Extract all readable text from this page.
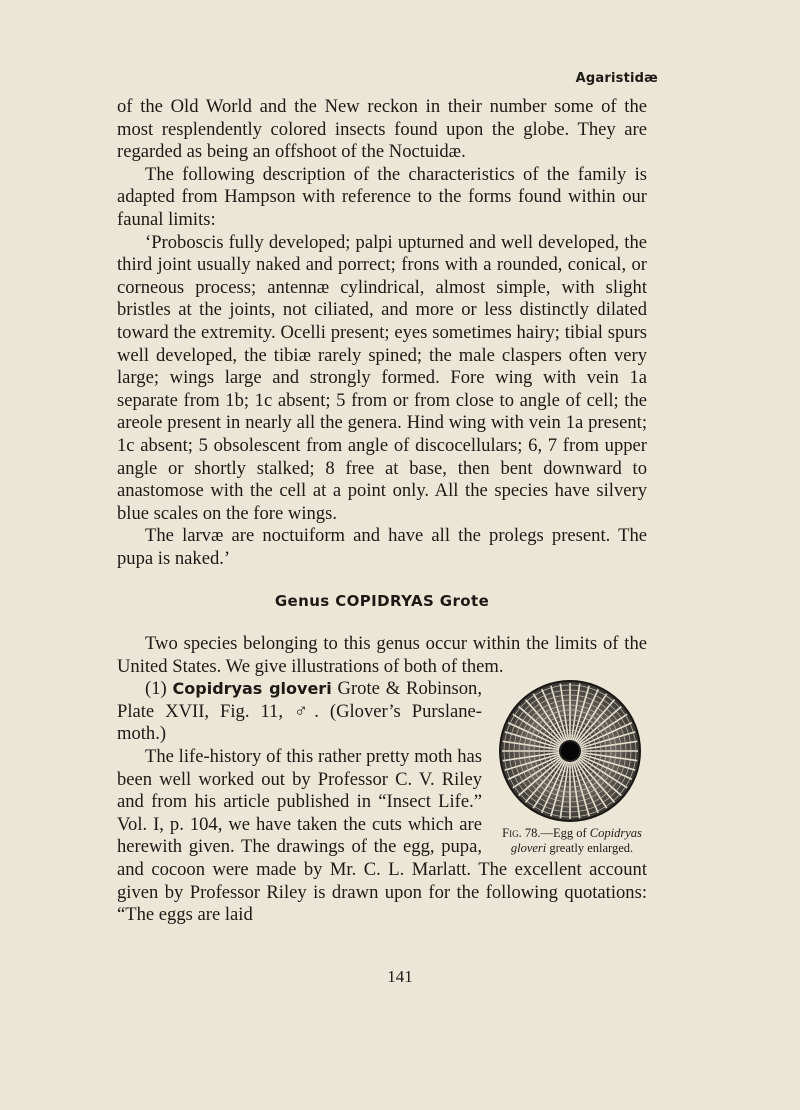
Agaristidæ

of the Old World and the New reckon in their number some of the most resplendently colored insects found upon the globe. They are regarded as being an offshoot of the Noctuidæ.

The following description of the characteristics of the family is adapted from Hampson with reference to the forms found within our faunal limits:

‘Proboscis fully developed; palpi upturned and well developed, the third joint usually naked and porrect; frons with a rounded, conical, or corneous process; antennæ cylindrical, almost simple, with slight bristles at the joints, not ciliated, and more or less distinctly dilated toward the extremity. Ocelli present; eyes sometimes hairy; tibial spurs well developed, the tibiæ rarely spined; the male claspers often very large; wings large and strongly formed. Fore wing with vein 1a separate from 1b; 1c absent; 5 from or from close to angle of cell; the areole present in nearly all the genera. Hind wing with vein 1a present; 1c absent; 5 obsolescent from angle of discocellulars; 6, 7 from upper angle or shortly stalked; 8 free at base, then bent downward to anastomose with the cell at a point only. All the species have silvery blue scales on the fore wings.

The larvæ are noctuiform and have all the prolegs present. The pupa is naked.’

Genus COPIDRYAS Grote

Two species belonging to this genus occur within the limits of the United States. We give illustrations of both of them.

Fig. 78.—Egg of Copidryas gloveri greatly enlarged.

(1) Copidryas gloveri Grote & Robinson, Plate XVII, Fig. 11, ♂. (Glover’s Purslane-moth.)

The life-history of this rather pretty moth has been well worked out by Professor C. V. Riley and from his article published in “Insect Life.” Vol. I, p. 104, we have taken the cuts which are herewith given. The drawings of the egg, pupa, and cocoon were made by Mr. C. L. Marlatt. The excellent account given by Professor Riley is drawn upon for the following quotations: “The eggs are laid

141
